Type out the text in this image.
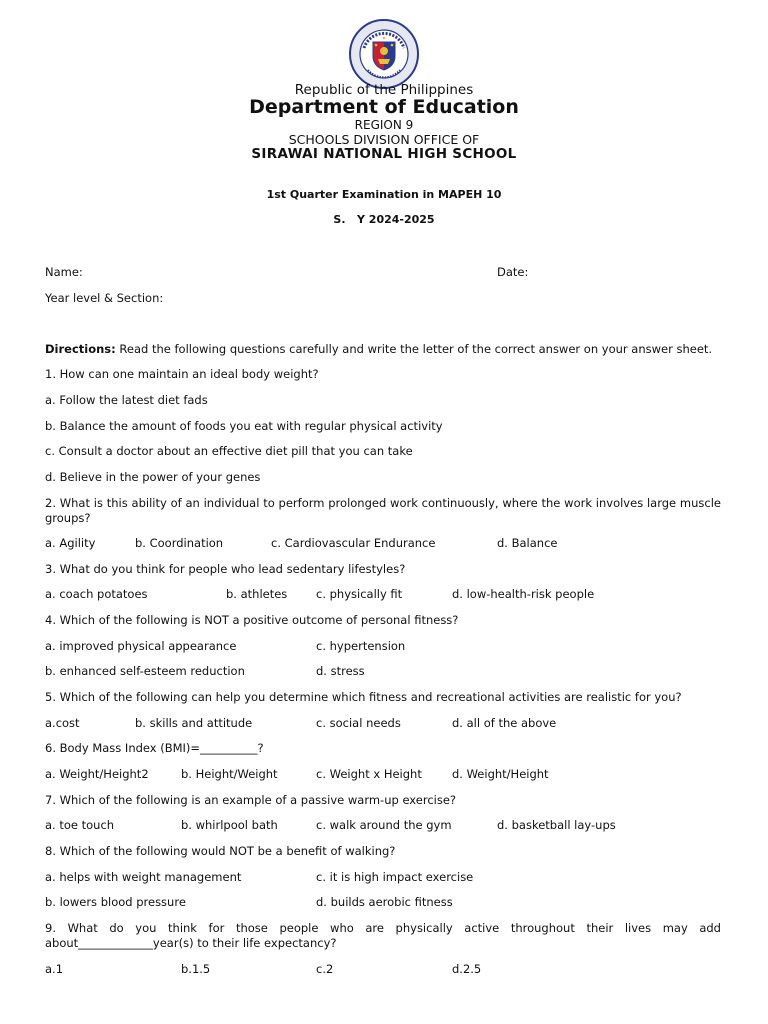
Republic of the Philippines
Department of Education
REGION 9
SCHOOLS DIVISION OFFICE OF
SIRAWAI NATIONAL HIGH SCHOOL
1st Quarter Examination in MAPEH 10
S.   Y 2024-2025
Name:	Date:
Year level & Section:
Directions: Read the following questions carefully and write the letter of the correct answer on your answer sheet.
1. How can one maintain an ideal body weight?
a. Follow the latest diet fads
b. Balance the amount of foods you eat with regular physical activity
c. Consult a doctor about an effective diet pill that you can take
d. Believe in the power of your genes
2. What is this ability of an individual to perform prolonged work continuously, where the work involves large muscle groups?
a. Agility	b. Coordination	c. Cardiovascular Endurance	d. Balance
3. What do you think for people who lead sedentary lifestyles?
a. coach potatoes	b. athletes c. physically fit	d. low-health-risk people
4. Which of the following is NOT a positive outcome of personal fitness?
a. improved physical appearance	c. hypertension
b. enhanced self-esteem reduction	d. stress
5. Which of the following can help you determine which fitness and recreational activities are realistic for you?
a.cost	b. skills and attitude	c. social needs	d. all of the above
6. Body Mass Index (BMI)=__________?
a. Weight/Height2	b. Height/Weight	c. Weight x Height	d. Weight/Height
7. Which of the following is an example of a passive warm-up exercise?
a. toe touch	b. whirlpool bath	c. walk around the gym	d. basketball lay-ups
8. Which of the following would NOT be a benefit of walking?
a. helps with weight management	c. it is high impact exercise
b. lowers blood pressure	d. builds aerobic fitness
9. What do you think for those people who are physically active throughout their lives may add about_____________year(s) to their life expectancy?
a.1	b.1.5	c.2	d.2.5
